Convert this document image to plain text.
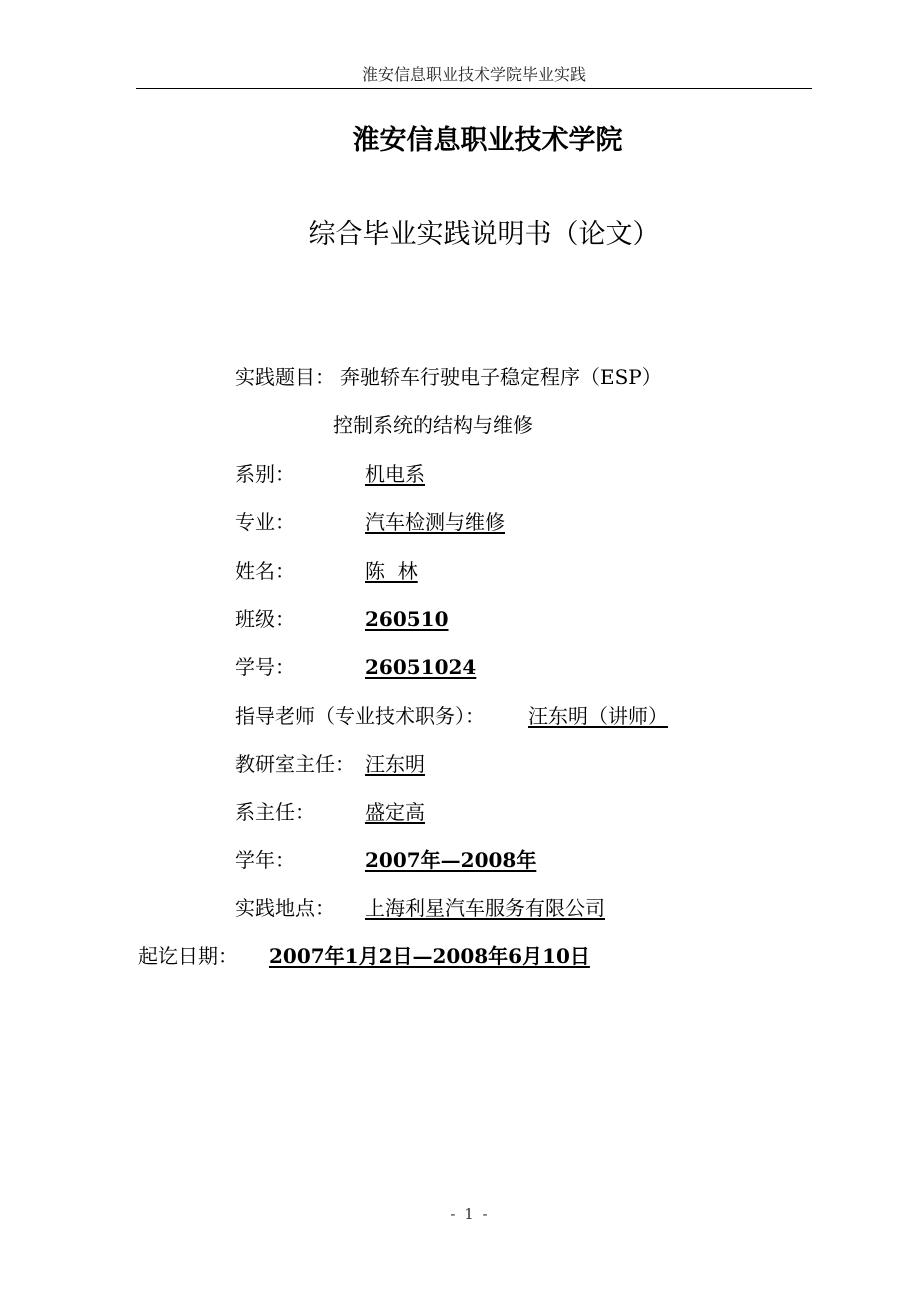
淮安信息职业技术学院毕业实践
淮安信息职业技术学院
综合毕业实践说明书（论文）
实践题目： 奔驰轿车行驶电子稳定程序（ESP）
控制系统的结构与维修
系别：	机电系
专业：	汽车检测与维修
姓名：	陈  林
班级：	260510
学号：	26051024
指导老师（专业技术职务）： 汪东明（讲师）
教研室主任： 汪东明
系主任：	盛定高
学年：	2007年—2008年
实践地点： 上海利星汽车服务有限公司
起讫日期： 2007年1月2日—2008年6月10日
- 1 -
